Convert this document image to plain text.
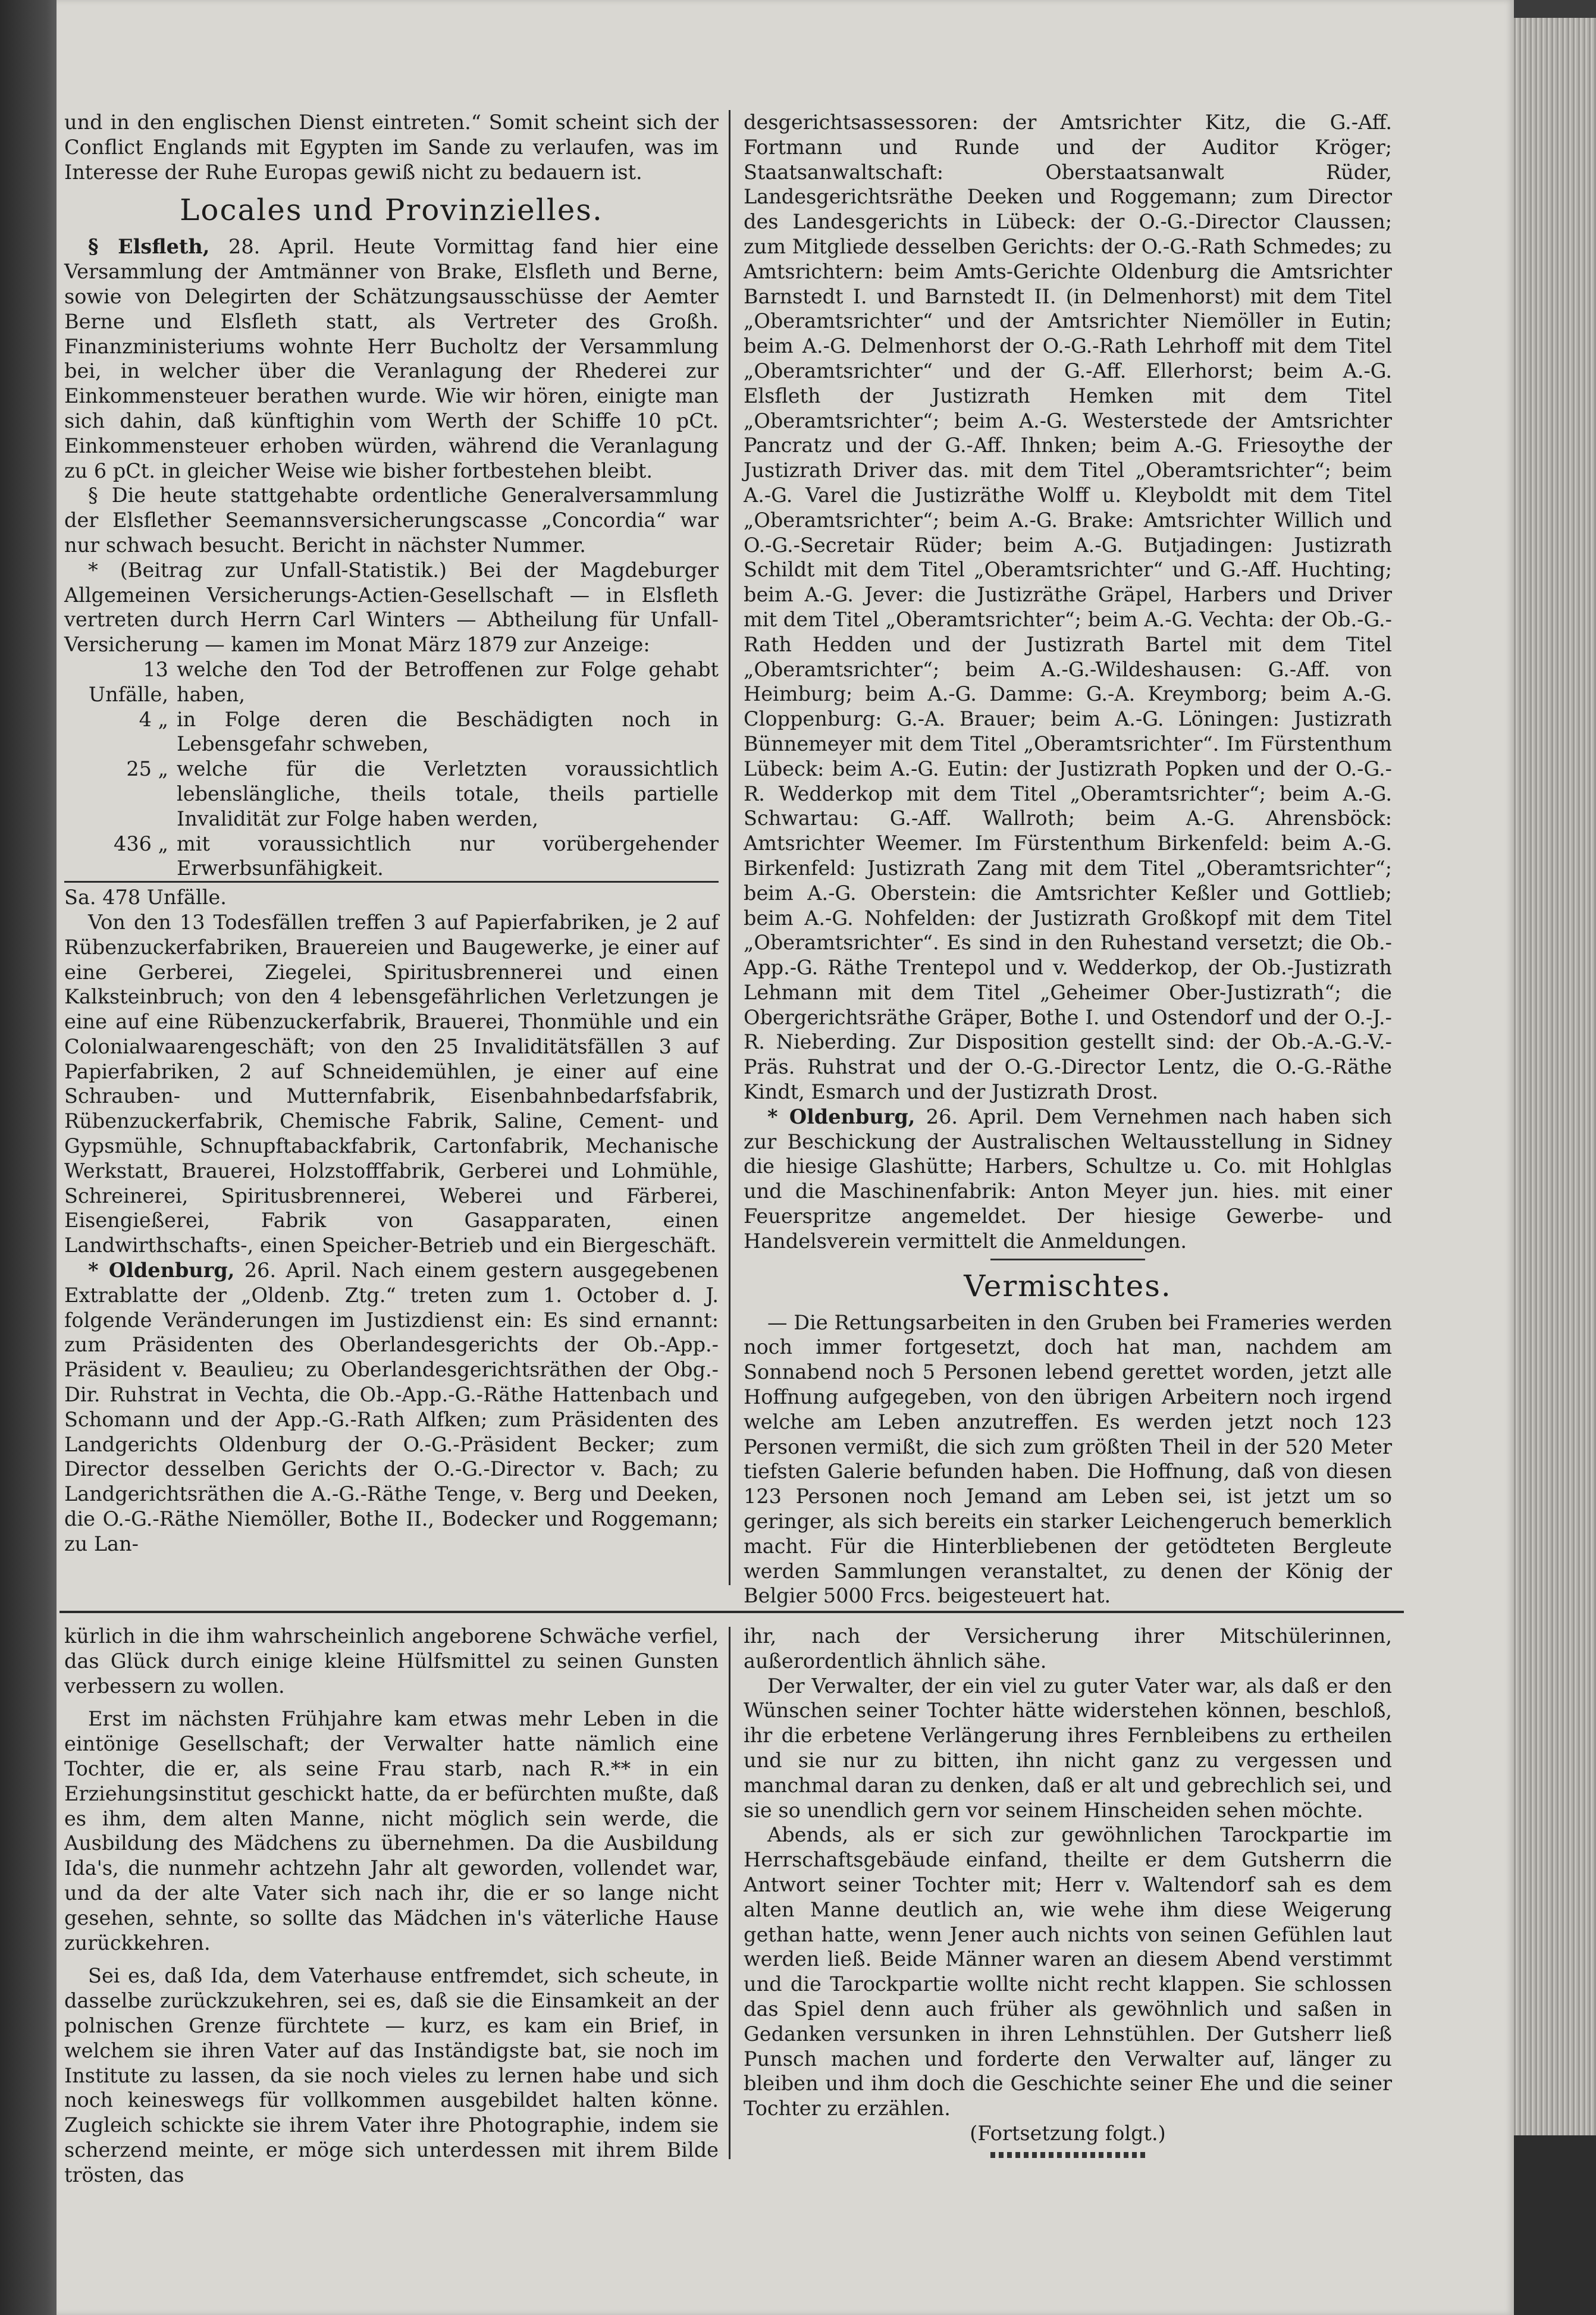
und in den englischen Dienst eintreten.“ Somit scheint sich der Conflict Englands mit Egypten im Sande zu verlaufen, was im Interesse der Ruhe Europas gewiß nicht zu bedauern ist.

Locales und Provinzielles.

§ Elsfleth, 28. April. Heute Vormittag fand hier eine Versammlung der Amtmänner von Brake, Elsfleth und Berne, sowie von Delegirten der Schätzungsausschüsse der Aemter Berne und Elsfleth statt, als Vertreter des Großh. Finanzministeriums wohnte Herr Bucholtz der Versammlung bei, in welcher über die Veranlagung der Rhederei zur Einkommensteuer berathen wurde. Wie wir hören, einigte man sich dahin, daß künftighin vom Werth der Schiffe 10 pCt. Einkommensteuer erhoben würden, während die Veranlagung zu 6 pCt. in gleicher Weise wie bisher fortbestehen bleibt.

§ Die heute stattgehabte ordentliche Generalversammlung der Elsflether Seemannsversicherungscasse „Concordia“ war nur schwach besucht. Bericht in nächster Nummer.

* (Beitrag zur Unfall-Statistik.) Bei der Magdeburger Allgemeinen Versicherungs-Actien-Gesellschaft — in Elsfleth vertreten durch Herrn Carl Winters — Abtheilung für Unfall-Versicherung — kamen im Monat März 1879 zur Anzeige:

13 Unfälle,	welche den Tod der Betroffenen zur Folge gehabt haben,
4 „	in Folge deren die Beschädigten noch in Lebensgefahr schweben,
25 „	welche für die Verletzten voraussichtlich lebenslängliche, theils totale, theils partielle Invalidität zur Folge haben werden,
436 „	mit voraussichtlich nur vorübergehender Erwerbsunfähigkeit.

Sa. 478 Unfälle.

Von den 13 Todesfällen treffen 3 auf Papierfabriken, je 2 auf Rübenzuckerfabriken, Brauereien und Baugewerke, je einer auf eine Gerberei, Ziegelei, Spiritusbrennerei und einen Kalksteinbruch; von den 4 lebensgefährlichen Verletzungen je eine auf eine Rübenzuckerfabrik, Brauerei, Thonmühle und ein Colonialwaarengeschäft; von den 25 Invaliditätsfällen 3 auf Papierfabriken, 2 auf Schneidemühlen, je einer auf eine Schrauben- und Mutternfabrik, Eisenbahnbedarfsfabrik, Rübenzuckerfabrik, Chemische Fabrik, Saline, Cement- und Gypsmühle, Schnupftabackfabrik, Cartonfabrik, Mechanische Werkstatt, Brauerei, Holzstofffabrik, Gerberei und Lohmühle, Schreinerei, Spiritusbrennerei, Weberei und Färberei, Eisengießerei, Fabrik von Gasapparaten, einen Landwirthschafts-, einen Speicher-Betrieb und ein Biergeschäft.

* Oldenburg, 26. April. Nach einem gestern ausgegebenen Extrablatte der „Oldenb. Ztg.“ treten zum 1. October d. J. folgende Veränderungen im Justizdienst ein: Es sind ernannt: zum Präsidenten des Oberlandesgerichts der Ob.-App.-Präsident v. Beaulieu; zu Oberlandesgerichtsräthen der Obg.-Dir. Ruhstrat in Vechta, die Ob.-App.-G.-Räthe Hattenbach und Schomann und der App.-G.-Rath Alfken; zum Präsidenten des Landgerichts Oldenburg der O.-G.-Präsident Becker; zum Director desselben Gerichts der O.-G.-Director v. Bach; zu Landgerichtsräthen die A.-G.-Räthe Tenge, v. Berg und Deeken, die O.-G.-Räthe Niemöller, Bothe II., Bodecker und Roggemann; zu Lan-

desgerichtsassessoren: der Amtsrichter Kitz, die G.-Aff. Fortmann und Runde und der Auditor Kröger; Staatsanwaltschaft: Oberstaatsanwalt Rüder, Landesgerichtsräthe Deeken und Roggemann; zum Director des Landesgerichts in Lübeck: der O.-G.-Director Claussen; zum Mitgliede desselben Gerichts: der O.-G.-Rath Schmedes; zu Amtsrichtern: beim Amts-Gerichte Oldenburg die Amtsrichter Barnstedt I. und Barnstedt II. (in Delmenhorst) mit dem Titel „Oberamtsrichter“ und der Amtsrichter Niemöller in Eutin; beim A.-G. Delmenhorst der O.-G.-Rath Lehrhoff mit dem Titel „Oberamtsrichter“ und der G.-Aff. Ellerhorst; beim A.-G. Elsfleth der Justizrath Hemken mit dem Titel „Oberamtsrichter“; beim A.-G. Westerstede der Amtsrichter Pancratz und der G.-Aff. Ihnken; beim A.-G. Friesoythe der Justizrath Driver das. mit dem Titel „Oberamtsrichter“; beim A.-G. Varel die Justizräthe Wolff u. Kleyboldt mit dem Titel „Oberamtsrichter“; beim A.-G. Brake: Amtsrichter Willich und O.-G.-Secretair Rüder; beim A.-G. Butjadingen: Justizrath Schildt mit dem Titel „Oberamtsrichter“ und G.-Aff. Huchting; beim A.-G. Jever: die Justizräthe Gräpel, Harbers und Driver mit dem Titel „Oberamtsrichter“; beim A.-G. Vechta: der Ob.-G.-Rath Hedden und der Justizrath Bartel mit dem Titel „Oberamtsrichter“; beim A.-G.-Wildeshausen: G.-Aff. von Heimburg; beim A.-G. Damme: G.-A. Kreymborg; beim A.-G. Cloppenburg: G.-A. Brauer; beim A.-G. Löningen: Justizrath Bünnemeyer mit dem Titel „Oberamtsrichter“. Im Fürstenthum Lübeck: beim A.-G. Eutin: der Justizrath Popken und der O.-G.-R. Wedderkop mit dem Titel „Oberamtsrichter“; beim A.-G. Schwartau: G.-Aff. Wallroth; beim A.-G. Ahrensböck: Amtsrichter Weemer. Im Fürstenthum Birkenfeld: beim A.-G. Birkenfeld: Justizrath Zang mit dem Titel „Oberamtsrichter“; beim A.-G. Oberstein: die Amtsrichter Keßler und Gottlieb; beim A.-G. Nohfelden: der Justizrath Großkopf mit dem Titel „Oberamtsrichter“. Es sind in den Ruhestand versetzt; die Ob.-App.-G. Räthe Trentepol und v. Wedderkop, der Ob.-Justizrath Lehmann mit dem Titel „Geheimer Ober-Justizrath“; die Obergerichtsräthe Gräper, Bothe I. und Ostendorf und der O.-J.-R. Nieberding. Zur Disposition gestellt sind: der Ob.-A.-G.-V.-Präs. Ruhstrat und der O.-G.-Director Lentz, die O.-G.-Räthe Kindt, Esmarch und der Justizrath Drost.

* Oldenburg, 26. April. Dem Vernehmen nach haben sich zur Beschickung der Australischen Weltausstellung in Sidney die hiesige Glashütte; Harbers, Schultze u. Co. mit Hohlglas und die Maschinenfabrik: Anton Meyer jun. hies. mit einer Feuerspritze angemeldet. Der hiesige Gewerbe- und Handelsverein vermittelt die Anmeldungen.

Vermischtes.

— Die Rettungsarbeiten in den Gruben bei Frameries werden noch immer fortgesetzt, doch hat man, nachdem am Sonnabend noch 5 Personen lebend gerettet worden, jetzt alle Hoffnung aufgegeben, von den übrigen Arbeitern noch irgend welche am Leben anzutreffen. Es werden jetzt noch 123 Personen vermißt, die sich zum größten Theil in der 520 Meter tiefsten Galerie befunden haben. Die Hoffnung, daß von diesen 123 Personen noch Jemand am Leben sei, ist jetzt um so geringer, als sich bereits ein starker Leichengeruch bemerklich macht. Für die Hinterbliebenen der getödteten Bergleute werden Sammlungen veranstaltet, zu denen der König der Belgier 5000 Frcs. beigesteuert hat.

kürlich in die ihm wahrscheinlich angeborene Schwäche verfiel, das Glück durch einige kleine Hülfsmittel zu seinen Gunsten verbessern zu wollen.

Erst im nächsten Frühjahre kam etwas mehr Leben in die eintönige Gesellschaft; der Verwalter hatte nämlich eine Tochter, die er, als seine Frau starb, nach R.** in ein Erziehungsinstitut geschickt hatte, da er befürchten mußte, daß es ihm, dem alten Manne, nicht möglich sein werde, die Ausbildung des Mädchens zu übernehmen. Da die Ausbildung Ida's, die nunmehr achtzehn Jahr alt geworden, vollendet war, und da der alte Vater sich nach ihr, die er so lange nicht gesehen, sehnte, so sollte das Mädchen in's väterliche Hause zurückkehren.

Sei es, daß Ida, dem Vaterhause entfremdet, sich scheute, in dasselbe zurückzukehren, sei es, daß sie die Einsamkeit an der polnischen Grenze fürchtete — kurz, es kam ein Brief, in welchem sie ihren Vater auf das Inständigste bat, sie noch im Institute zu lassen, da sie noch vieles zu lernen habe und sich noch keineswegs für vollkommen ausgebildet halten könne. Zugleich schickte sie ihrem Vater ihre Photographie, indem sie scherzend meinte, er möge sich unterdessen mit ihrem Bilde trösten, das

ihr, nach der Versicherung ihrer Mitschülerinnen, außerordentlich ähnlich sähe.

Der Verwalter, der ein viel zu guter Vater war, als daß er den Wünschen seiner Tochter hätte widerstehen können, beschloß, ihr die erbetene Verlängerung ihres Fernbleibens zu ertheilen und sie nur zu bitten, ihn nicht ganz zu vergessen und manchmal daran zu denken, daß er alt und gebrechlich sei, und sie so unendlich gern vor seinem Hinscheiden sehen möchte.

Abends, als er sich zur gewöhnlichen Tarockpartie im Herrschaftsgebäude einfand, theilte er dem Gutsherrn die Antwort seiner Tochter mit; Herr v. Waltendorf sah es dem alten Manne deutlich an, wie wehe ihm diese Weigerung gethan hatte, wenn Jener auch nichts von seinen Gefühlen laut werden ließ. Beide Männer waren an diesem Abend verstimmt und die Tarockpartie wollte nicht recht klappen. Sie schlossen das Spiel denn auch früher als gewöhnlich und saßen in Gedanken versunken in ihren Lehnstühlen. Der Gutsherr ließ Punsch machen und forderte den Verwalter auf, länger zu bleiben und ihm doch die Geschichte seiner Ehe und die seiner Tochter zu erzählen.

(Fortsetzung folgt.)
